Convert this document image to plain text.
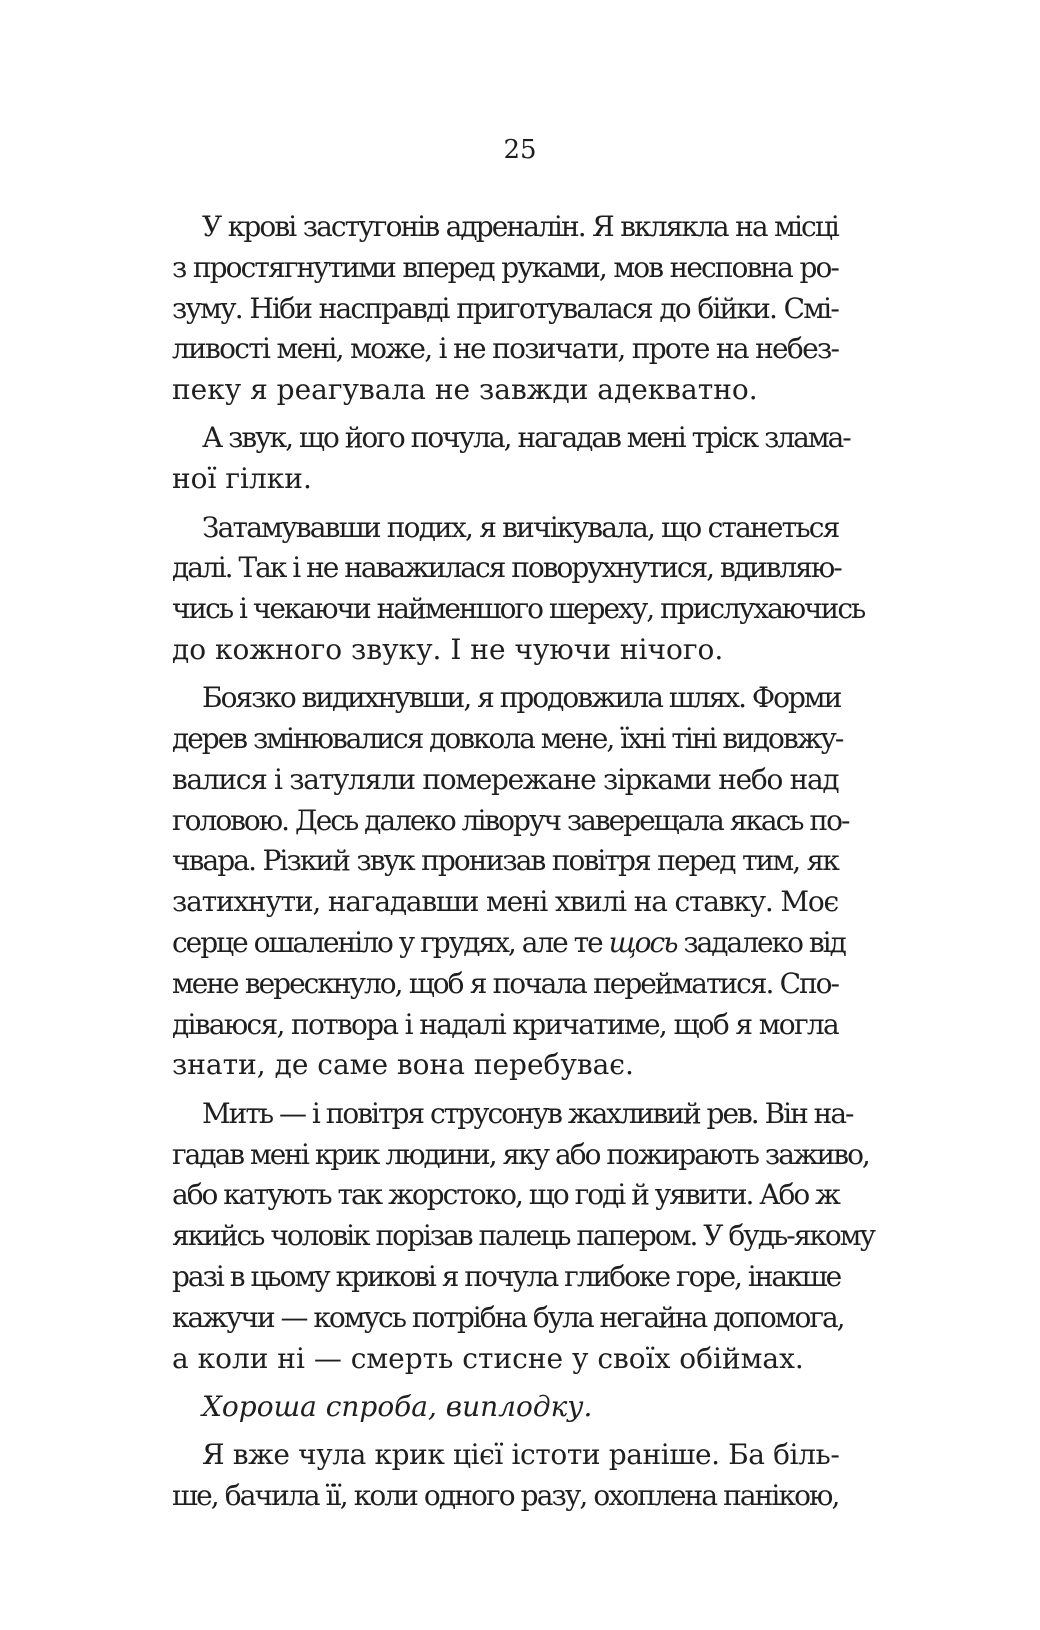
25

У крові застугонів адреналін. Я вклякла на місці
з простягнутими вперед руками, мов несповна ро-
зуму. Ніби насправді приготувалася до бійки. Смі-
ливості мені, може, і не позичати, проте на небез-
пеку я реагувала не завжди адекватно.

А звук, що його почула, нагадав мені тріск злама-
ної гілки.

Затамувавши подих, я вичікувала, що станеться
далі. Так і не наважилася поворухнутися, вдивляю-
чись і чекаючи найменшого шереху, прислухаючись
до кожного звуку. І не чуючи нічого.

Боязко видихнувши, я продовжила шлях. Форми
дерев змінювалися довкола мене, їхні тіні видовжу-
валися і затуляли помережане зірками небо над
головою. Десь далеко ліворуч заверещала якась по-
чвара. Різкий звук пронизав повітря перед тим, як
затихнути, нагадавши мені хвилі на ставку. Моє
серце ошаленіло у грудях, але те щось задалеко від
мене верескнуло, щоб я почала перейматися. Спо-
діваюся, потвора і надалі кричатиме, щоб я могла
знати, де саме вона перебуває.

Мить — і повітря струсонув жахливий рев. Він на-
гадав мені крик людини, яку або пожирають заживо,
або катують так жорстоко, що годі й уявити. Або ж
якийсь чоловік порізав палець папером. У будь-якому
разі в цьому крикові я почула глибоке горе, інакше
кажучи — комусь потрібна була негайна допомога,
а коли ні — смерть стисне у своїх обіймах.

Хороша спроба, виплодку.

Я вже чула крик цієї істоти раніше. Ба біль-
ше, бачила її, коли одного разу, охоплена панікою,
